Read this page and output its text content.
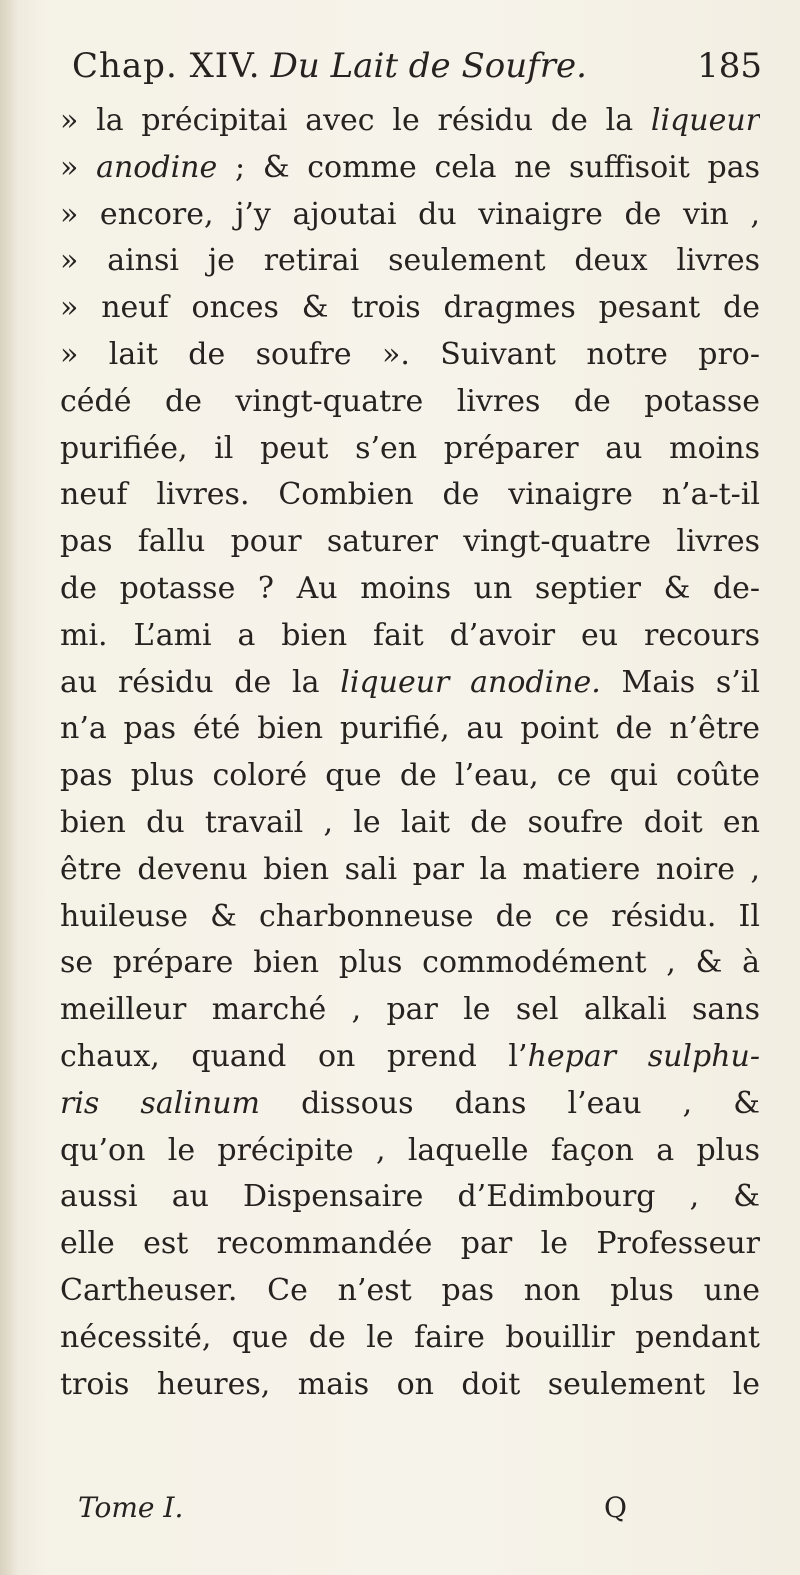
Chap. XIV. Du Lait de Soufre.	185
» la précipitai avec le résidu de la liqueur
» anodine ; & comme cela ne suffisoit pas
» encore, j’y ajoutai du vinaigre de vin ,
» ainsi je retirai seulement deux livres
» neuf onces & trois dragmes pesant de
» lait de soufre ». Suivant notre pro-
cédé de vingt-quatre livres de potasse
purifiée, il peut s’en préparer au moins
neuf livres. Combien de vinaigre n’a-t-il
pas fallu pour saturer vingt-quatre livres
de potasse ? Au moins un septier & de-
mi. L’ami a bien fait d’avoir eu recours
au résidu de la liqueur anodine. Mais s’il
n’a pas été bien purifié, au point de n’être
pas plus coloré que de l’eau, ce qui coûte
bien du travail , le lait de soufre doit en
être devenu bien sali par la matiere noire ,
huileuse & charbonneuse de ce résidu. Il
se prépare bien plus commodément , & à
meilleur marché , par le sel alkali sans
chaux, quand on prend l’hepar sulphu-
ris salinum dissous dans l’eau , &
qu’on le précipite , laquelle façon a plus
aussi au Dispensaire d’Edimbourg , &
elle est recommandée par le Professeur
Cartheuser. Ce n’est pas non plus une
nécessité, que de le faire bouillir pendant
trois heures, mais on doit seulement le
Tome I.	Q
